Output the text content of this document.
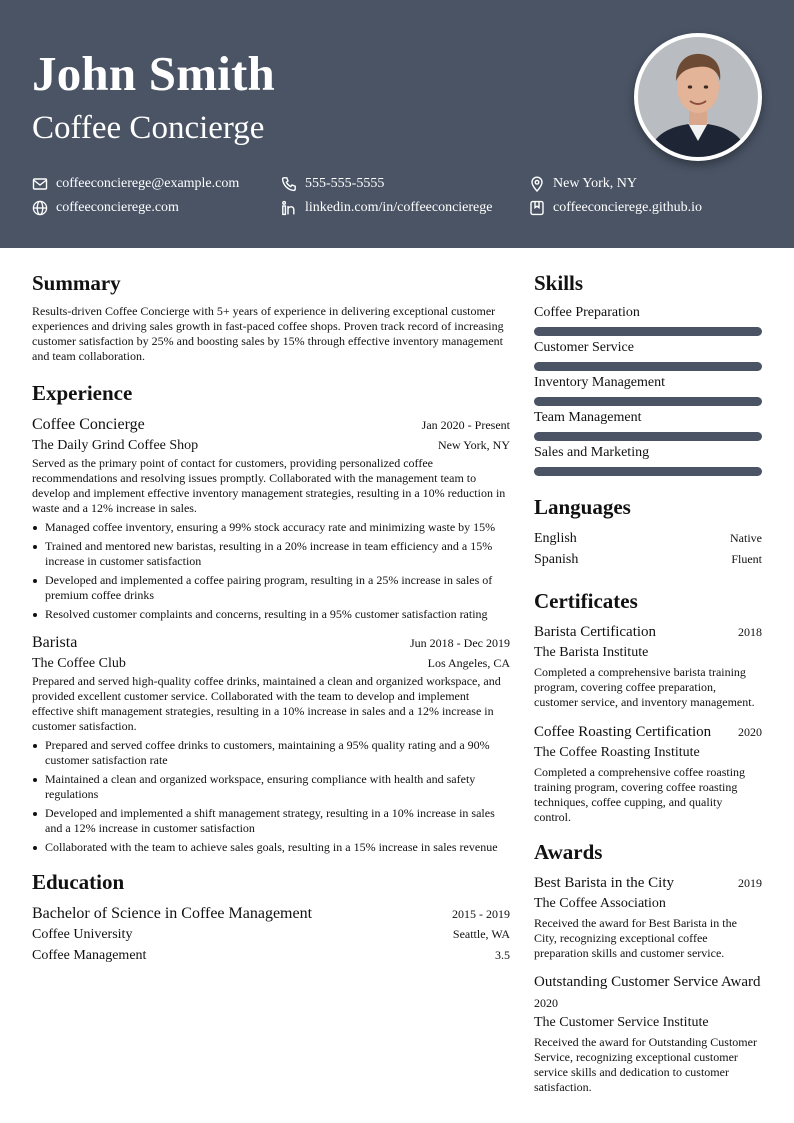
John Smith
Coffee Concierge
coffeeconcierege@example.com	555-555-5555	New York, NY
coffeeconcierege.com	linkedin.com/in/coffeeconcierege	coffeeconcierege.github.io
Summary
Results-driven Coffee Concierge with 5+ years of experience in delivering exceptional customer experiences and driving sales growth in fast-paced coffee shops. Proven track record of increasing customer satisfaction by 25% and boosting sales by 15% through effective inventory management and team collaboration.
Experience
Coffee Concierge	Jan 2020 - Present
The Daily Grind Coffee Shop	New York, NY
Served as the primary point of contact for customers, providing personalized coffee recommendations and resolving issues promptly. Collaborated with the management team to develop and implement effective inventory management strategies, resulting in a 10% reduction in waste and a 12% increase in sales.
Managed coffee inventory, ensuring a 99% stock accuracy rate and minimizing waste by 15%
Trained and mentored new baristas, resulting in a 20% increase in team efficiency and a 15% increase in customer satisfaction
Developed and implemented a coffee pairing program, resulting in a 25% increase in sales of premium coffee drinks
Resolved customer complaints and concerns, resulting in a 95% customer satisfaction rating
Barista	Jun 2018 - Dec 2019
The Coffee Club	Los Angeles, CA
Prepared and served high-quality coffee drinks, maintained a clean and organized workspace, and provided excellent customer service. Collaborated with the team to develop and implement effective shift management strategies, resulting in a 10% increase in sales and a 12% increase in customer satisfaction.
Prepared and served coffee drinks to customers, maintaining a 95% quality rating and a 90% customer satisfaction rate
Maintained a clean and organized workspace, ensuring compliance with health and safety regulations
Developed and implemented a shift management strategy, resulting in a 10% increase in sales and a 12% increase in customer satisfaction
Collaborated with the team to achieve sales goals, resulting in a 15% increase in sales revenue
Education
Bachelor of Science in Coffee Management	2015 - 2019
Coffee University	Seattle, WA
Coffee Management	3.5
Skills
Coffee Preparation
Customer Service
Inventory Management
Team Management
Sales and Marketing
Languages
English	Native
Spanish	Fluent
Certificates
Barista Certification	2018
The Barista Institute
Completed a comprehensive barista training program, covering coffee preparation, customer service, and inventory management.
Coffee Roasting Certification 2020
The Coffee Roasting Institute
Completed a comprehensive coffee roasting training program, covering coffee roasting techniques, coffee cupping, and quality control.
Awards
Best Barista in the City	2019
The Coffee Association
Received the award for Best Barista in the City, recognizing exceptional coffee preparation skills and customer service.
Outstanding Customer Service Award
2020
The Customer Service Institute
Received the award for Outstanding Customer Service, recognizing exceptional customer service skills and dedication to customer satisfaction.
